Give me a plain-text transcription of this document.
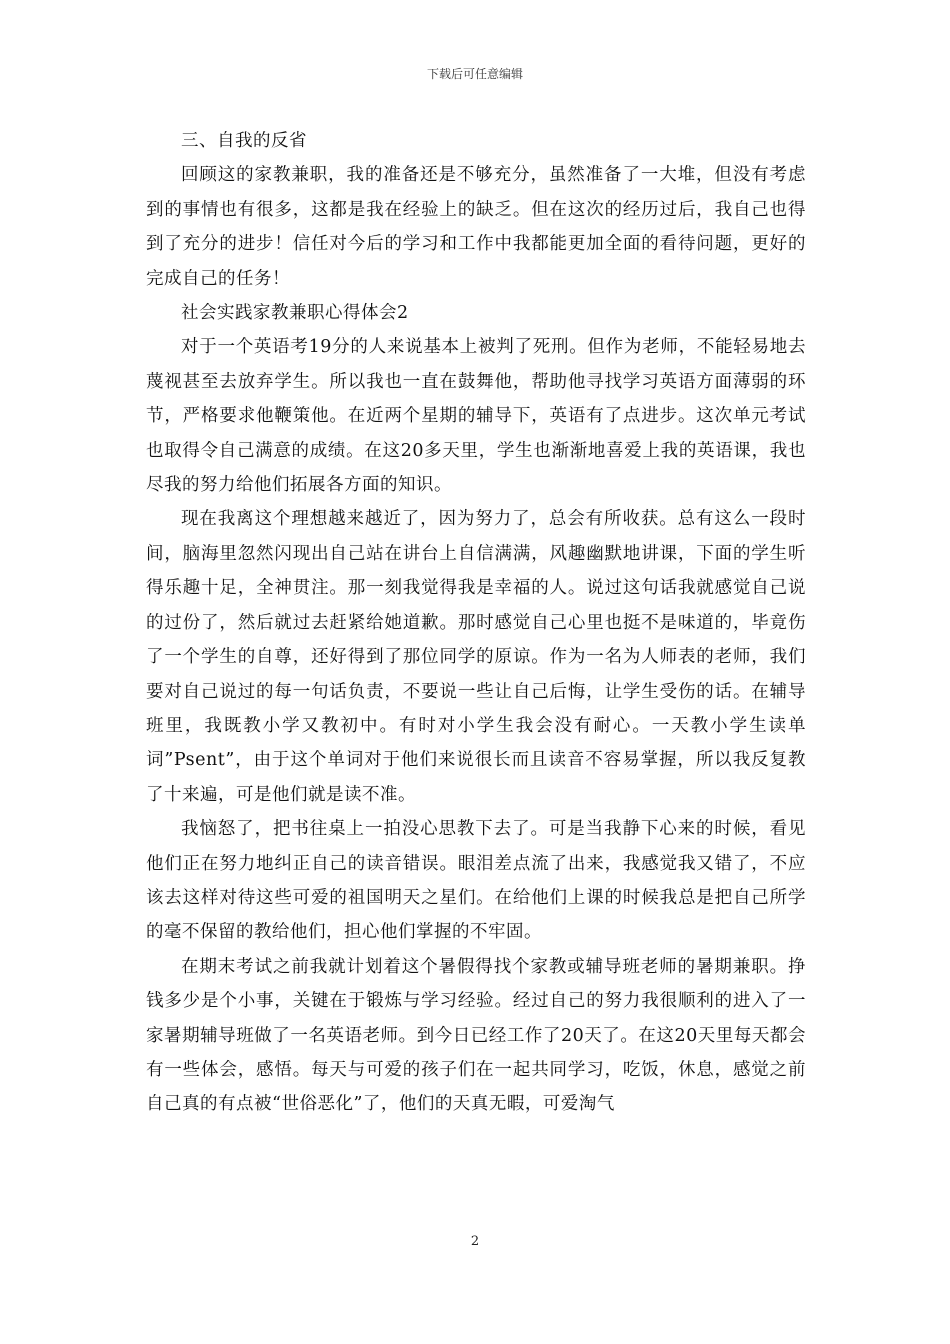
下载后可任意编辑

三、自我的反省

回顾这的家教兼职，我的准备还是不够充分，虽然准备了一大堆，但没有考虑到的事情也有很多，这都是我在经验上的缺乏。但在这次的经历过后，我自己也得到了充分的进步！信任对今后的学习和工作中我都能更加全面的看待问题，更好的完成自己的任务！

社会实践家教兼职心得体会2

对于一个英语考19分的人来说基本上被判了死刑。但作为老师，不能轻易地去蔑视甚至去放弃学生。所以我也一直在鼓舞他，帮助他寻找学习英语方面薄弱的环节，严格要求他鞭策他。在近两个星期的辅导下，英语有了点进步。这次单元考试也取得令自己满意的成绩。在这20多天里，学生也渐渐地喜爱上我的英语课，我也尽我的努力给他们拓展各方面的知识。

现在我离这个理想越来越近了，因为努力了，总会有所收获。总有这么一段时间，脑海里忽然闪现出自己站在讲台上自信满满，风趣幽默地讲课，下面的学生听得乐趣十足，全神贯注。那一刻我觉得我是幸福的人。说过这句话我就感觉自己说的过份了，然后就过去赶紧给她道歉。那时感觉自己心里也挺不是味道的，毕竟伤了一个学生的自尊，还好得到了那位同学的原谅。作为一名为人师表的老师，我们要对自己说过的每一句话负责，不要说一些让自己后悔，让学生受伤的话。在辅导班里，我既教小学又教初中。有时对小学生我会没有耐心。一天教小学生读单词”Psent”，由于这个单词对于他们来说很长而且读音不容易掌握，所以我反复教了十来遍，可是他们就是读不准。

我恼怒了，把书往桌上一拍没心思教下去了。可是当我静下心来的时候，看见他们正在努力地纠正自己的读音错误。眼泪差点流了出来，我感觉我又错了，不应该去这样对待这些可爱的祖国明天之星们。在给他们上课的时候我总是把自己所学的毫不保留的教给他们，担心他们掌握的不牢固。

在期末考试之前我就计划着这个暑假得找个家教或辅导班老师的暑期兼职。挣钱多少是个小事，关键在于锻炼与学习经验。经过自己的努力我很顺利的进入了一家暑期辅导班做了一名英语老师。到今日已经工作了20天了。在这20天里每天都会有一些体会，感悟。每天与可爱的孩子们在一起共同学习，吃饭，休息，感觉之前自己真的有点被“世俗恶化”了，他们的天真无暇，可爱淘气

2
